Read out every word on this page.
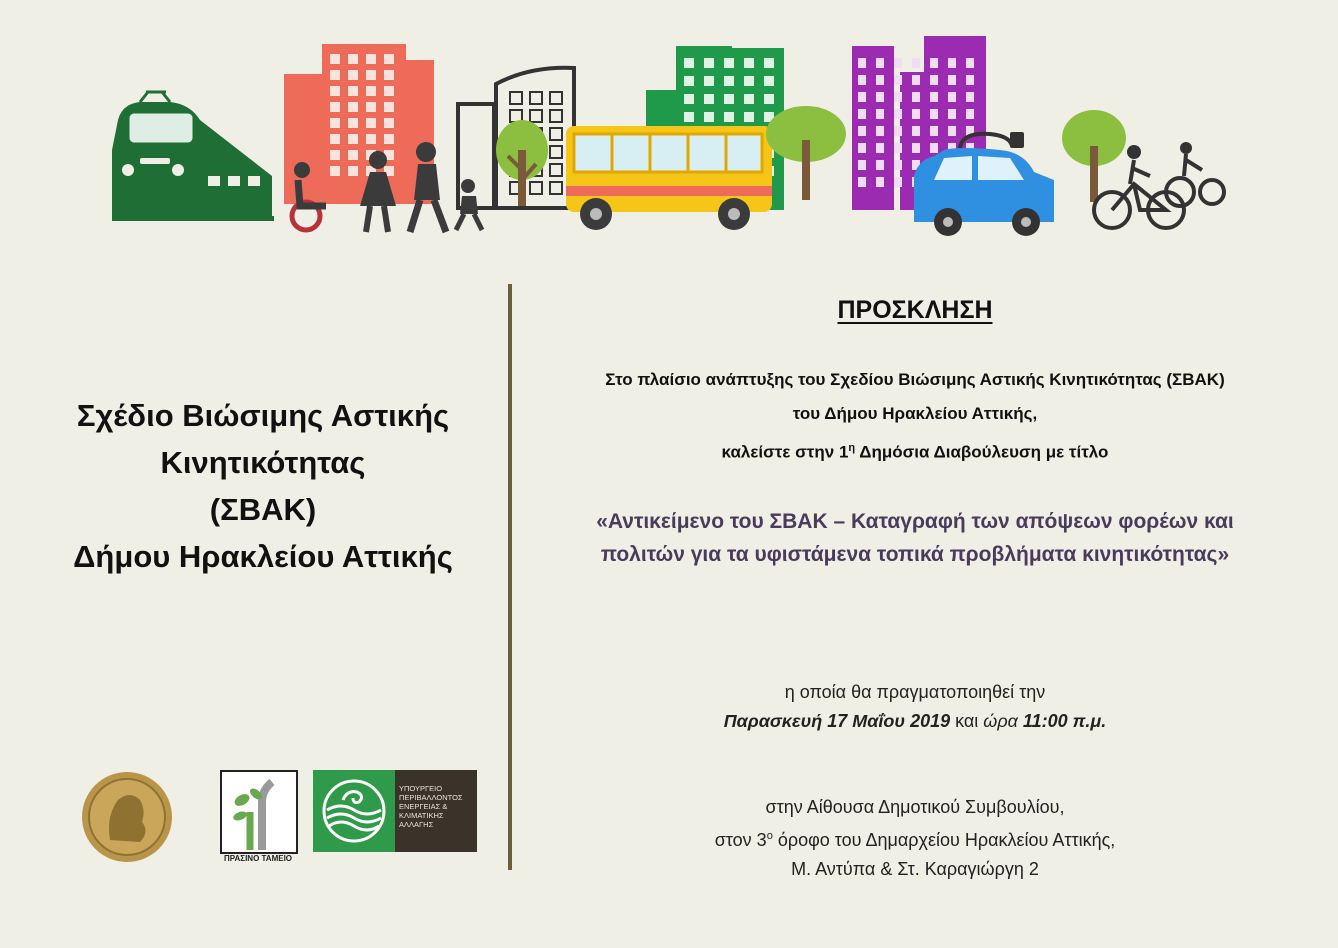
Σχέδιο Βιώσιμης Αστικής
Κινητικότητας
(ΣΒΑΚ)
Δήμου Ηρακλείου Αττικής
ΠΡΟΣΚΛΗΣΗ
Στο πλαίσιο ανάπτυξης του Σχεδίου Βιώσιμης Αστικής Κινητικότητας (ΣΒΑΚ)
του Δήμου Ηρακλείου Αττικής,
καλείστε στην $1^\eta$ Δημόσια Διαβούλευση με τίτλο
«Αντικείμενο του ΣΒΑΚ – Καταγραφή των απόψεων φορέων και
πολιτών για τα υφιστάμενα τοπικά προβλήματα κινητικότητας»
η οποία θα πραγματοποιηθεί την
Παρασκευή 17 Μαΐου 2019 και ώρα 11:00 π.μ.
στην Αίθουσα Δημοτικού Συμβουλίου,
στον $3^o$ όροφο του Δημαρχείου Ηρακλείου Αττικής,
Μ. Αντύπα & Στ. Καραγιώργη 2
ΠΡΑΣΙΝΟ ΤΑΜΕΙΟ
ΥΠΟΥΡΓΕΙΟ
ΠΕΡΙΒΑΛΛΟΝΤΟΣ
ΕΝΕΡΓΕΙΑΣ &
ΚΛΙΜΑΤΙΚΗΣ
ΑΛΛΑΓΗΣ
